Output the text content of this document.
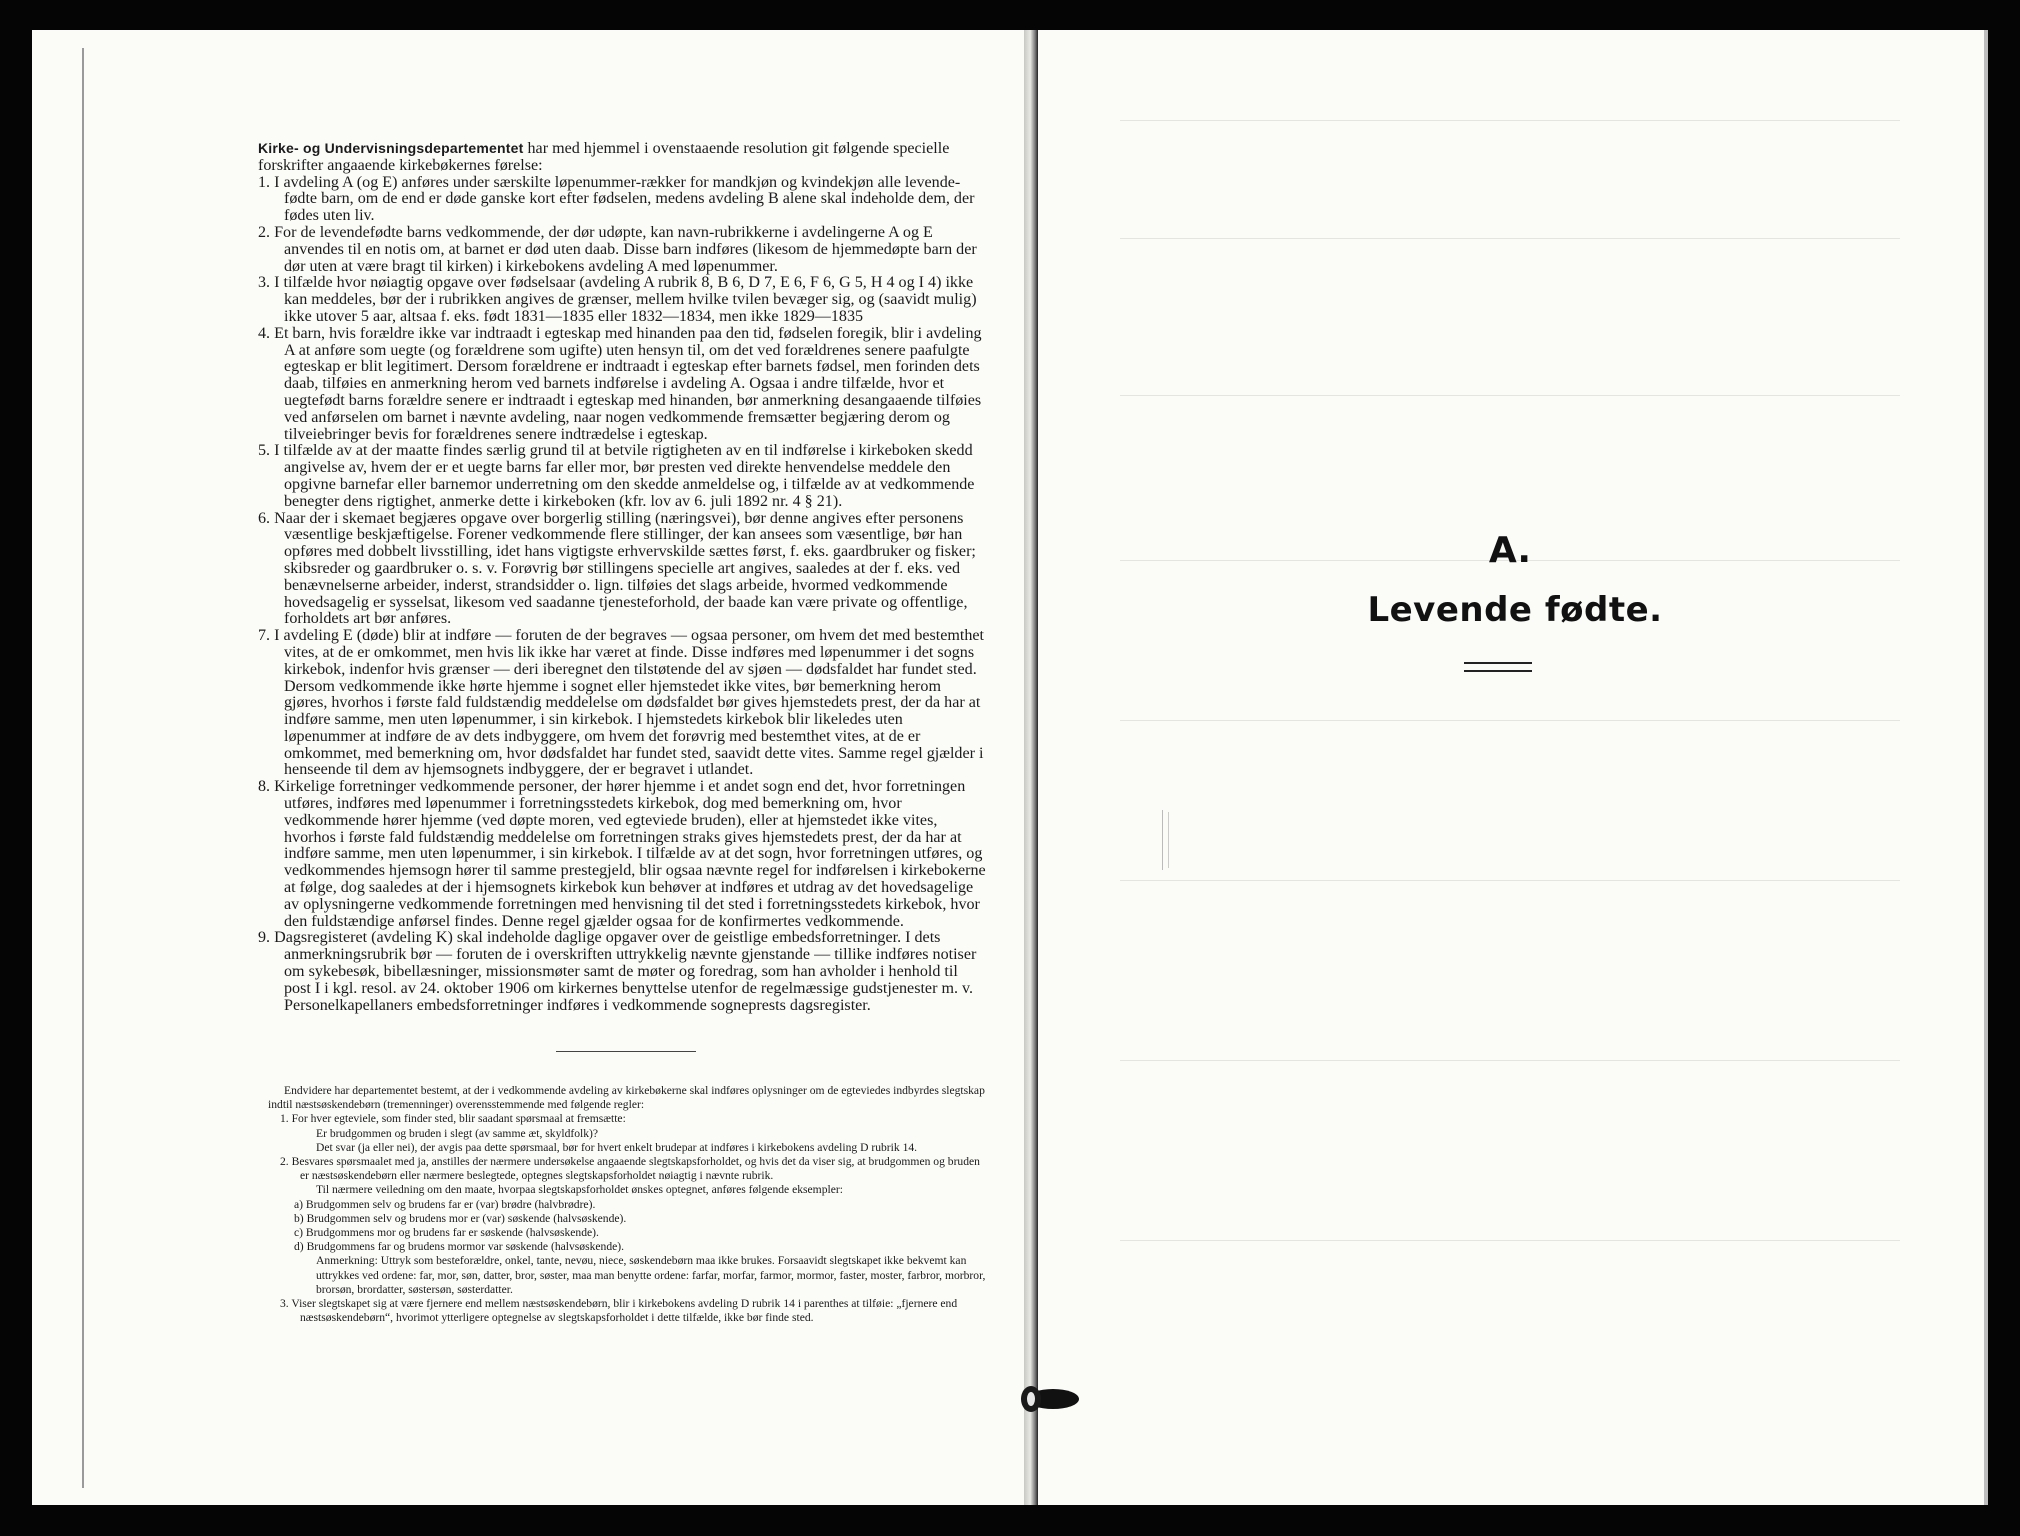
Kirke- og Undervisningsdepartementet har med hjemmel i ovenstaaende resolution git følgende specielle forskrifter angaaende kirkebøkernes førelse:

1. I avdeling A (og E) anføres under særskilte løpenummer-rækker for mandkjøn og kvindekjøn alle levende-fødte barn, om de end er døde ganske kort efter fødselen, medens avdeling B alene skal indeholde dem, der fødes uten liv.

2. For de levendefødte barns vedkommende, der dør udøpte, kan navn-rubrikkerne i avdelingerne A og E anvendes til en notis om, at barnet er død uten daab. Disse barn indføres (likesom de hjemmedøpte barn der dør uten at være bragt til kirken) i kirkebokens avdeling A med løpenummer.

3. I tilfælde hvor nøiagtig opgave over fødselsaar (avdeling A rubrik 8, B 6, D 7, E 6, F 6, G 5, H 4 og I 4) ikke kan meddeles, bør der i rubrikken angives de grænser, mellem hvilke tvilen bevæger sig, og (saavidt mulig) ikke utover 5 aar, altsaa f. eks. født 1831—1835 eller 1832—1834, men ikke 1829—1835

4. Et barn, hvis forældre ikke var indtraadt i egteskap med hinanden paa den tid, fødselen foregik, blir i avdeling A at anføre som uegte (og forældrene som ugifte) uten hensyn til, om det ved forældrenes senere paafulgte egteskap er blit legitimert. Dersom forældrene er indtraadt i egteskap efter barnets fødsel, men forinden dets daab, tilføies en anmerkning herom ved barnets indførelse i avdeling A. Ogsaa i andre tilfælde, hvor et uegtefødt barns forældre senere er indtraadt i egteskap med hinanden, bør anmerkning desangaaende tilføies ved anførselen om barnet i nævnte avdeling, naar nogen vedkommende fremsætter begjæring derom og tilveiebringer bevis for forældrenes senere indtrædelse i egteskap.

5. I tilfælde av at der maatte findes særlig grund til at betvile rigtigheten av en til indførelse i kirkeboken skedd angivelse av, hvem der er et uegte barns far eller mor, bør presten ved direkte henvendelse meddele den opgivne barnefar eller barnemor underretning om den skedde anmeldelse og, i tilfælde av at vedkommende benegter dens rigtighet, anmerke dette i kirkeboken (kfr. lov av 6. juli 1892 nr. 4 § 21).

6. Naar der i skemaet begjæres opgave over borgerlig stilling (næringsvei), bør denne angives efter personens væsentlige beskjæftigelse. Forener vedkommende flere stillinger, der kan ansees som væsentlige, bør han opføres med dobbelt livsstilling, idet hans vigtigste erhvervskilde sættes først, f. eks. gaardbruker og fisker; skibsreder og gaardbruker o. s. v. Forøvrig bør stillingens specielle art angives, saaledes at der f. eks. ved benævnelserne arbeider, inderst, strandsidder o. lign. tilføies det slags arbeide, hvormed vedkommende hovedsagelig er sysselsat, likesom ved saadanne tjenesteforhold, der baade kan være private og offentlige, forholdets art bør anføres.

7. I avdeling E (døde) blir at indføre — foruten de der begraves — ogsaa personer, om hvem det med bestemthet vites, at de er omkommet, men hvis lik ikke har været at finde. Disse indføres med løpenummer i det sogns kirkebok, indenfor hvis grænser — deri iberegnet den tilstøtende del av sjøen — dødsfaldet har fundet sted. Dersom vedkommende ikke hørte hjemme i sognet eller hjemstedet ikke vites, bør bemerkning herom gjøres, hvorhos i første fald fuldstændig meddelelse om dødsfaldet bør gives hjemstedets prest, der da har at indføre samme, men uten løpenummer, i sin kirkebok. I hjemstedets kirkebok blir likeledes uten løpenummer at indføre de av dets indbyggere, om hvem det forøvrig med bestemthet vites, at de er omkommet, med bemerkning om, hvor dødsfaldet har fundet sted, saavidt dette vites. Samme regel gjælder i henseende til dem av hjemsognets indbyggere, der er begravet i utlandet.

8. Kirkelige forretninger vedkommende personer, der hører hjemme i et andet sogn end det, hvor forretningen utføres, indføres med løpenummer i forretningsstedets kirkebok, dog med bemerkning om, hvor vedkommende hører hjemme (ved døpte moren, ved egteviede bruden), eller at hjemstedet ikke vites, hvorhos i første fald fuldstændig meddelelse om forretningen straks gives hjemstedets prest, der da har at indføre samme, men uten løpenummer, i sin kirkebok. I tilfælde av at det sogn, hvor forretningen utføres, og vedkommendes hjemsogn hører til samme prestegjeld, blir ogsaa nævnte regel for indførelsen i kirkebokerne at følge, dog saaledes at der i hjemsognets kirkebok kun behøver at indføres et utdrag av det hovedsagelige av oplysningerne vedkommende forretningen med henvisning til det sted i forretningsstedets kirkebok, hvor den fuldstændige anførsel findes. Denne regel gjælder ogsaa for de konfirmertes vedkommende.

9. Dagsregisteret (avdeling K) skal indeholde daglige opgaver over de geistlige embedsforretninger. I dets anmerkningsrubrik bør — foruten de i overskriften uttrykkelig nævnte gjenstande — tillike indføres notiser om sykebesøk, bibellæsninger, missionsmøter samt de møter og foredrag, som han avholder i henhold til post I i kgl. resol. av 24. oktober 1906 om kirkernes benyttelse utenfor de regelmæssige gudstjenester m. v. Personelkapellaners embedsforretninger indføres i vedkommende sogneprests dagsregister.

Endvidere har departementet bestemt, at der i vedkommende avdeling av kirkebøkerne skal indføres oplysninger om de egteviedes indbyrdes slegtskap indtil næstsøskendebørn (tremenninger) overensstemmende med følgende regler:

1. For hver egteviele, som finder sted, blir saadant spørsmaal at fremsætte:

Er brudgommen og bruden i slegt (av samme æt, skyldfolk)?

Det svar (ja eller nei), der avgis paa dette spørsmaal, bør for hvert enkelt brudepar at indføres i kirkebokens avdeling D rubrik 14.

2. Besvares spørsmaalet med ja, anstilles der nærmere undersøkelse angaaende slegtskapsforholdet, og hvis det da viser sig, at brudgommen og bruden er næstsøskendebørn eller nærmere beslegtede, optegnes slegtskapsforholdet nøiagtig i nævnte rubrik.

Til nærmere veiledning om den maate, hvorpaa slegtskapsforholdet ønskes optegnet, anføres følgende eksempler:

a) Brudgommen selv og brudens far er (var) brødre (halvbrødre).

b) Brudgommen selv og brudens mor er (var) søskende (halvsøskende).

c) Brudgommens mor og brudens far er søskende (halvsøskende).

d) Brudgommens far og brudens mormor var søskende (halvsøskende).

Anmerkning: Uttryk som besteforældre, onkel, tante, nevøu, niece, søskendebørn maa ikke brukes. Forsaavidt slegtskapet ikke bekvemt kan uttrykkes ved ordene: far, mor, søn, datter, bror, søster, maa man benytte ordene: farfar, morfar, farmor, mormor, faster, moster, farbror, morbror, brorsøn, brordatter, søstersøn, søsterdatter.

3. Viser slegtskapet sig at være fjernere end mellem næstsøskendebørn, blir i kirkebokens avdeling D rubrik 14 i parenthes at tilføie: „fjernere end næstsøskendebørn“, hvorimot ytterligere optegnelse av slegtskapsforholdet i dette tilfælde, ikke bør finde sted.

A.
Levende fødte.
